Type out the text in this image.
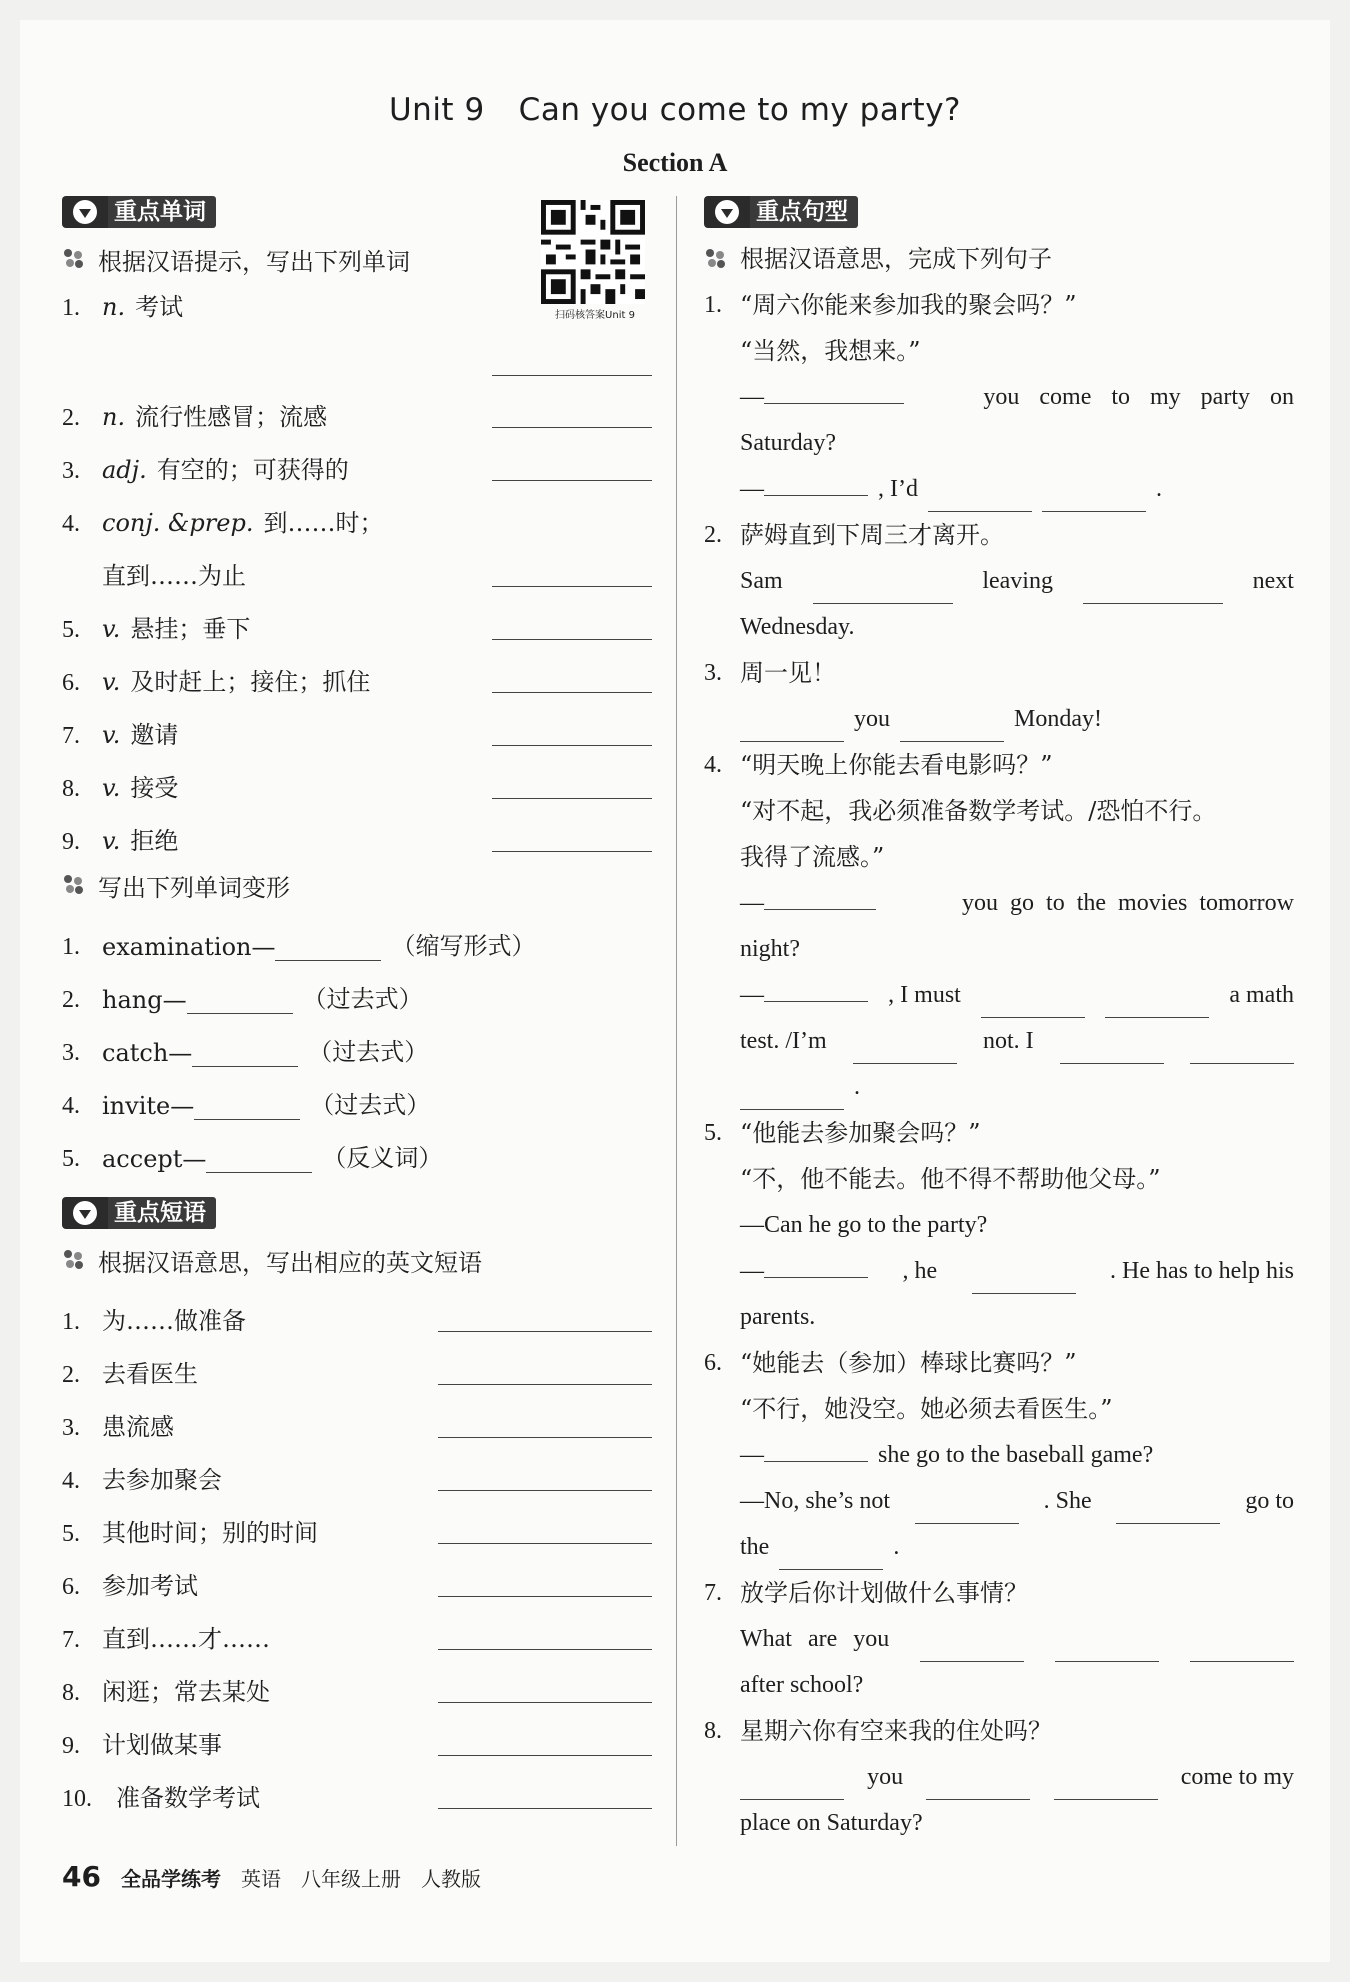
Unit 9 Can you come to my party?
Section A
扫码核答案Unit 9
重点单词
根据汉语提示，写出下列单词
1. n. 考试
2. n. 流行性感冒；流感
3. adj. 有空的；可获得的
4. conj. &prep. 到……时；
直到……为止
5. v. 悬挂；垂下
6. v. 及时赶上；接住；抓住
7. v. 邀请
8. v. 接受
9. v. 拒绝
写出下列单词变形
1. examination—	（缩写形式）
2. hang—	（过去式）
3. catch—	（过去式）
4. invite—	（过去式）
5. accept—	（反义词）
重点短语
根据汉语意思，写出相应的英文短语
1. 为……做准备
2. 去看医生
3. 患流感
4. 去参加聚会
5. 其他时间；别的时间
6. 参加考试
7. 直到……才……
8. 闲逛；常去某处
9. 计划做某事
10.	准备数学考试
重点句型
根据汉语意思，完成下列句子
1. “周六你能来参加我的聚会吗？”
“当然，我想来。”
—	you come to my party on
Saturday?
—	, I’d	.
2. 萨姆直到下周三才离开。
Sam	leaving	next
Wednesday.
3. 周一见！
you	Monday!
4. “明天晚上你能去看电影吗？”
“对不起，我必须准备数学考试。/恐怕不行。
我得了流感。”
—	you go to the movies tomorrow
night?
—	, I must	a math
test. /I’m	not. I
.
5. “他能去参加聚会吗？”
“不，他不能去。他不得不帮助他父母。”
—Can he go to the party?
—	, he	. He has to help his
parents.
6. “她能去（参加）棒球比赛吗？”
“不行，她没空。她必须去看医生。”
—	she go to the baseball game?
—No, she’s not	. She	go to
the	.
7. 放学后你计划做什么事情？
What are you
after school?
8. 星期六你有空来我的住处吗？
you	come to my
place on Saturday?
46 全品学练考 英语 八年级上册 人教版
